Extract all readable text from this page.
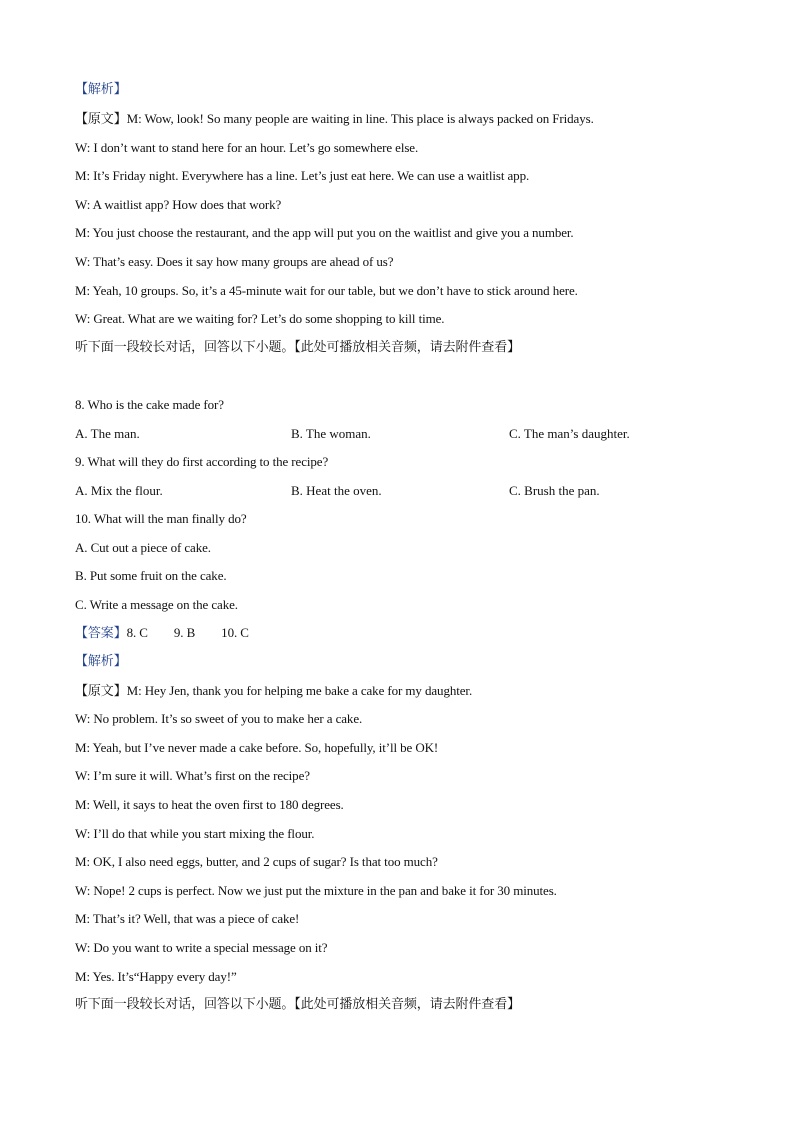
【解析】
【原文】M: Wow, look! So many people are waiting in line. This place is always packed on Fridays.
W: I don’t want to stand here for an hour. Let’s go somewhere else.
M: It’s Friday night. Everywhere has a line. Let’s just eat here. We can use a waitlist app.
W: A waitlist app? How does that work?
M: You just choose the restaurant, and the app will put you on the waitlist and give you a number.
W: That’s easy. Does it say how many groups are ahead of us?
M: Yeah, 10 groups. So, it’s a 45-minute wait for our table, but we don’t have to stick around here.
W: Great. What are we waiting for? Let’s do some shopping to kill time.
听下面一段较长对话，回答以下小题。【此处可播放相关音频，请去附件查看】
8. Who is the cake made for?
A. The man.	B. The woman.	C. The man’s daughter.
9. What will they do first according to the recipe?
A. Mix the flour.	B. Heat the oven.	C. Brush the pan.
10. What will the man finally do?
A. Cut out a piece of cake.
B. Put some fruit on the cake.
C. Write a message on the cake.
【答案】8. C 9. B 10. C
【解析】
【原文】M: Hey Jen, thank you for helping me bake a cake for my daughter.
W: No problem. It’s so sweet of you to make her a cake.
M: Yeah, but I’ve never made a cake before. So, hopefully, it’ll be OK!
W: I’m sure it will. What’s first on the recipe?
M: Well, it says to heat the oven first to 180 degrees.
W: I’ll do that while you start mixing the flour.
M: OK, I also need eggs, butter, and 2 cups of sugar? Is that too much?
W: Nope! 2 cups is perfect. Now we just put the mixture in the pan and bake it for 30 minutes.
M: That’s it? Well, that was a piece of cake!
W: Do you want to write a special message on it?
M: Yes. It’s“Happy every day!”
听下面一段较长对话，回答以下小题。【此处可播放相关音频，请去附件查看】
